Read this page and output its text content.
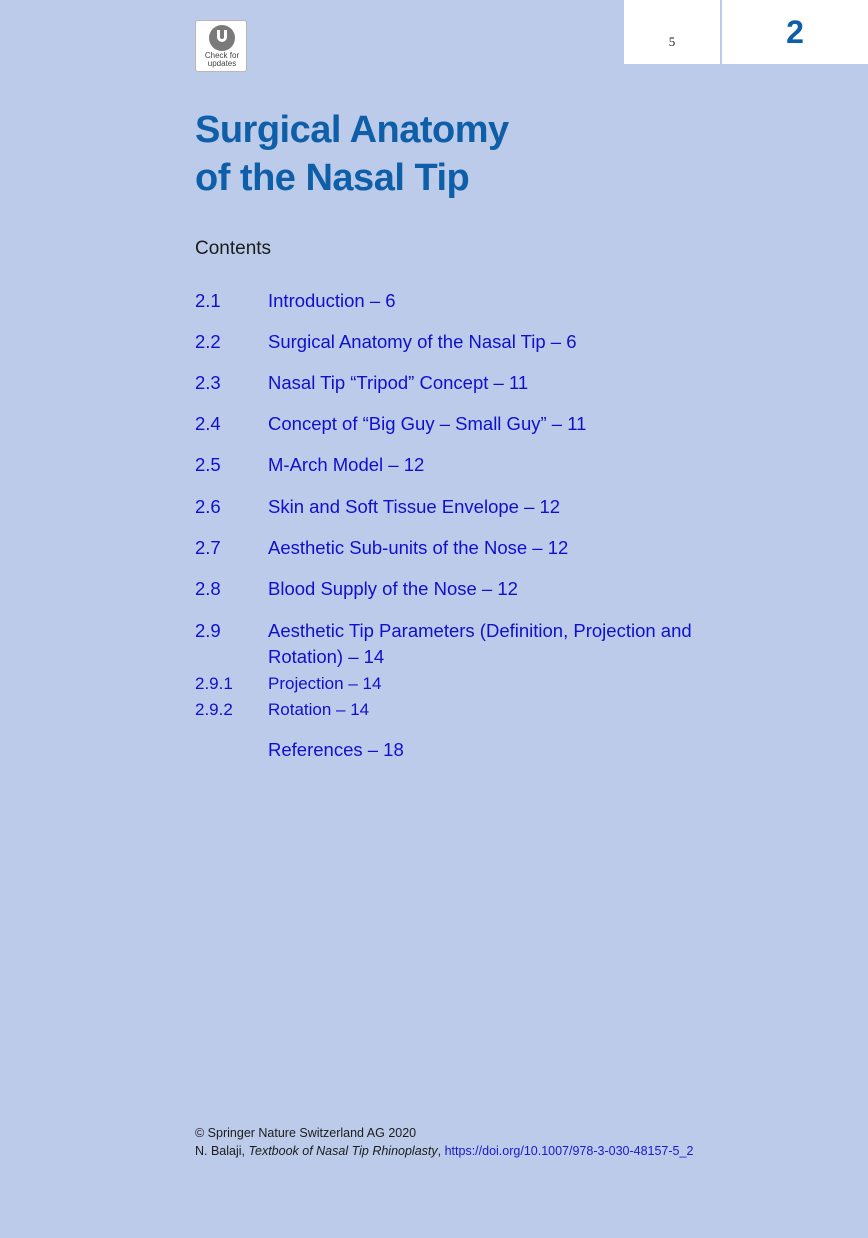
Check for
updates
5	2
Surgical Anatomy
of the Nasal Tip
Contents
2.1	Introduction – 6
2.2	Surgical Anatomy of the Nasal Tip – 6
2.3	Nasal Tip “Tripod” Concept – 11
2.4	Concept of “Big Guy – Small Guy” – 11
2.5	M-Arch Model – 12
2.6	Skin and Soft Tissue Envelope – 12
2.7	Aesthetic Sub-units of the Nose – 12
2.8	Blood Supply of the Nose – 12
2.9	Aesthetic Tip Parameters (Definition, Projection and Rotation) – 14
2.9.1 Projection – 14
2.9.2 Rotation – 14
References – 18
© Springer Nature Switzerland AG 2020
N. Balaji, Textbook of Nasal Tip Rhinoplasty, https://doi.org/10.1007/978-3-030-48157-5_2
